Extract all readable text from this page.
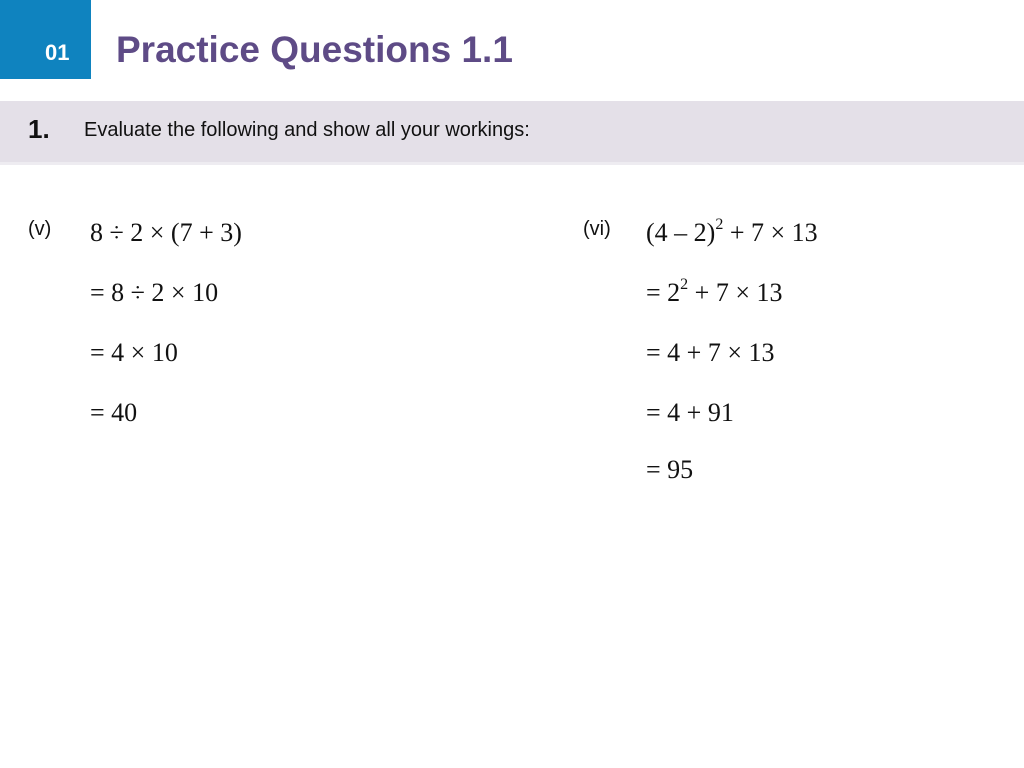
01	Practice Questions 1.1
1. Evaluate the following and show all your workings:
(v) 8 ÷ 2 × (7 + 3)
= 8 ÷ 2 × 10
= 4 × 10
= 40
(vi) (4 – 2)$^2$ + 7 × 13
= $2^2 + 7 \times 13$
= 4 + 7 × 13
= 4 + 91
= 95
